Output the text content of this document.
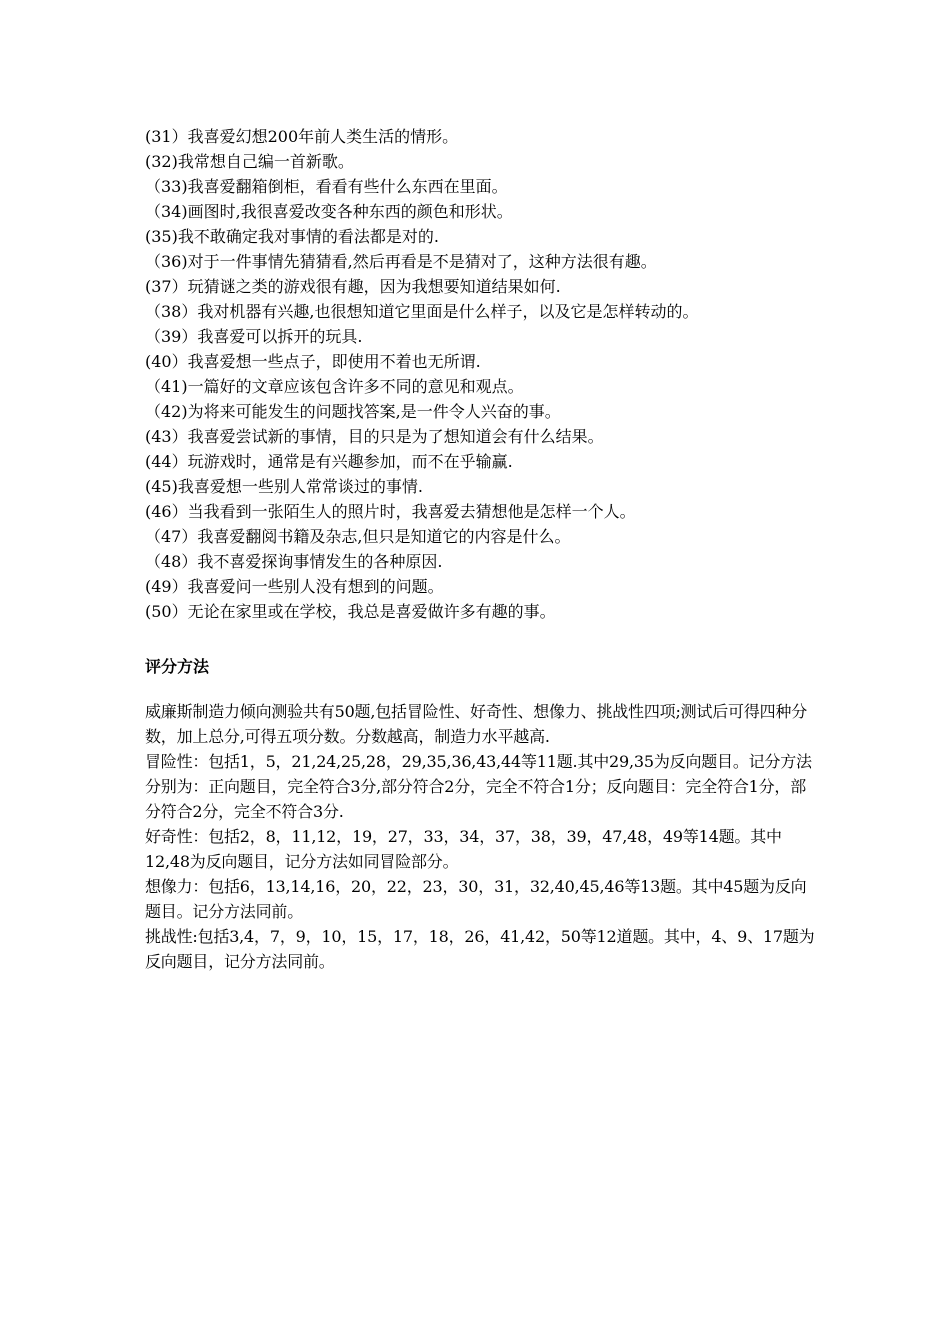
(31）我喜爱幻想200年前人类生活的情形。
(32)我常想自己编一首新歌。
（33)我喜爱翻箱倒柜，看看有些什么东西在里面。
（34)画图时,我很喜爱改变各种东西的颜色和形状。
(35)我不敢确定我对事情的看法都是对的.
（36)对于一件事情先猜猜看,然后再看是不是猜对了，这种方法很有趣。
(37）玩猜谜之类的游戏很有趣，因为我想要知道结果如何.
（38）我对机器有兴趣,也很想知道它里面是什么样子，以及它是怎样转动的。
（39）我喜爱可以拆开的玩具.
(40）我喜爱想一些点子，即使用不着也无所谓.
（41)一篇好的文章应该包含许多不同的意见和观点。
（42)为将来可能发生的问题找答案,是一件令人兴奋的事。
(43）我喜爱尝试新的事情，目的只是为了想知道会有什么结果。
(44）玩游戏时，通常是有兴趣参加，而不在乎输赢.
(45)我喜爱想一些别人常常谈过的事情.
(46）当我看到一张陌生人的照片时，我喜爱去猜想他是怎样一个人。
（47）我喜爱翻阅书籍及杂志,但只是知道它的内容是什么。
（48）我不喜爱探询事情发生的各种原因.
(49）我喜爱问一些别人没有想到的问题。
(50）无论在家里或在学校，我总是喜爱做许多有趣的事。
评分方法

威廉斯制造力倾向测验共有50题,包括冒险性、好奇性、想像力、挑战性四项;测试后可得四种分数，加上总分,可得五项分数。分数越高，制造力水平越高.

冒险性：包括1，5，21,24,25,28，29,35,36,43,44等11题.其中29,35为反向题目。记分方法分别为：正向题目，完全符合3分,部分符合2分，完全不符合1分；反向题目：完全符合1分，部分符合2分，完全不符合3分.

好奇性：包括2，8，11,12，19，27，33，34，37，38，39，47,48，49等14题。其中12,48为反向题目，记分方法如同冒险部分。

想像力：包括6，13,14,16，20，22，23，30，31，32,40,45,46等13题。其中45题为反向题目。记分方法同前。

挑战性:包括3,4，7，9，10，15，17，18，26，41,42，50等12道题。其中，4、9、17题为反向题目，记分方法同前。
